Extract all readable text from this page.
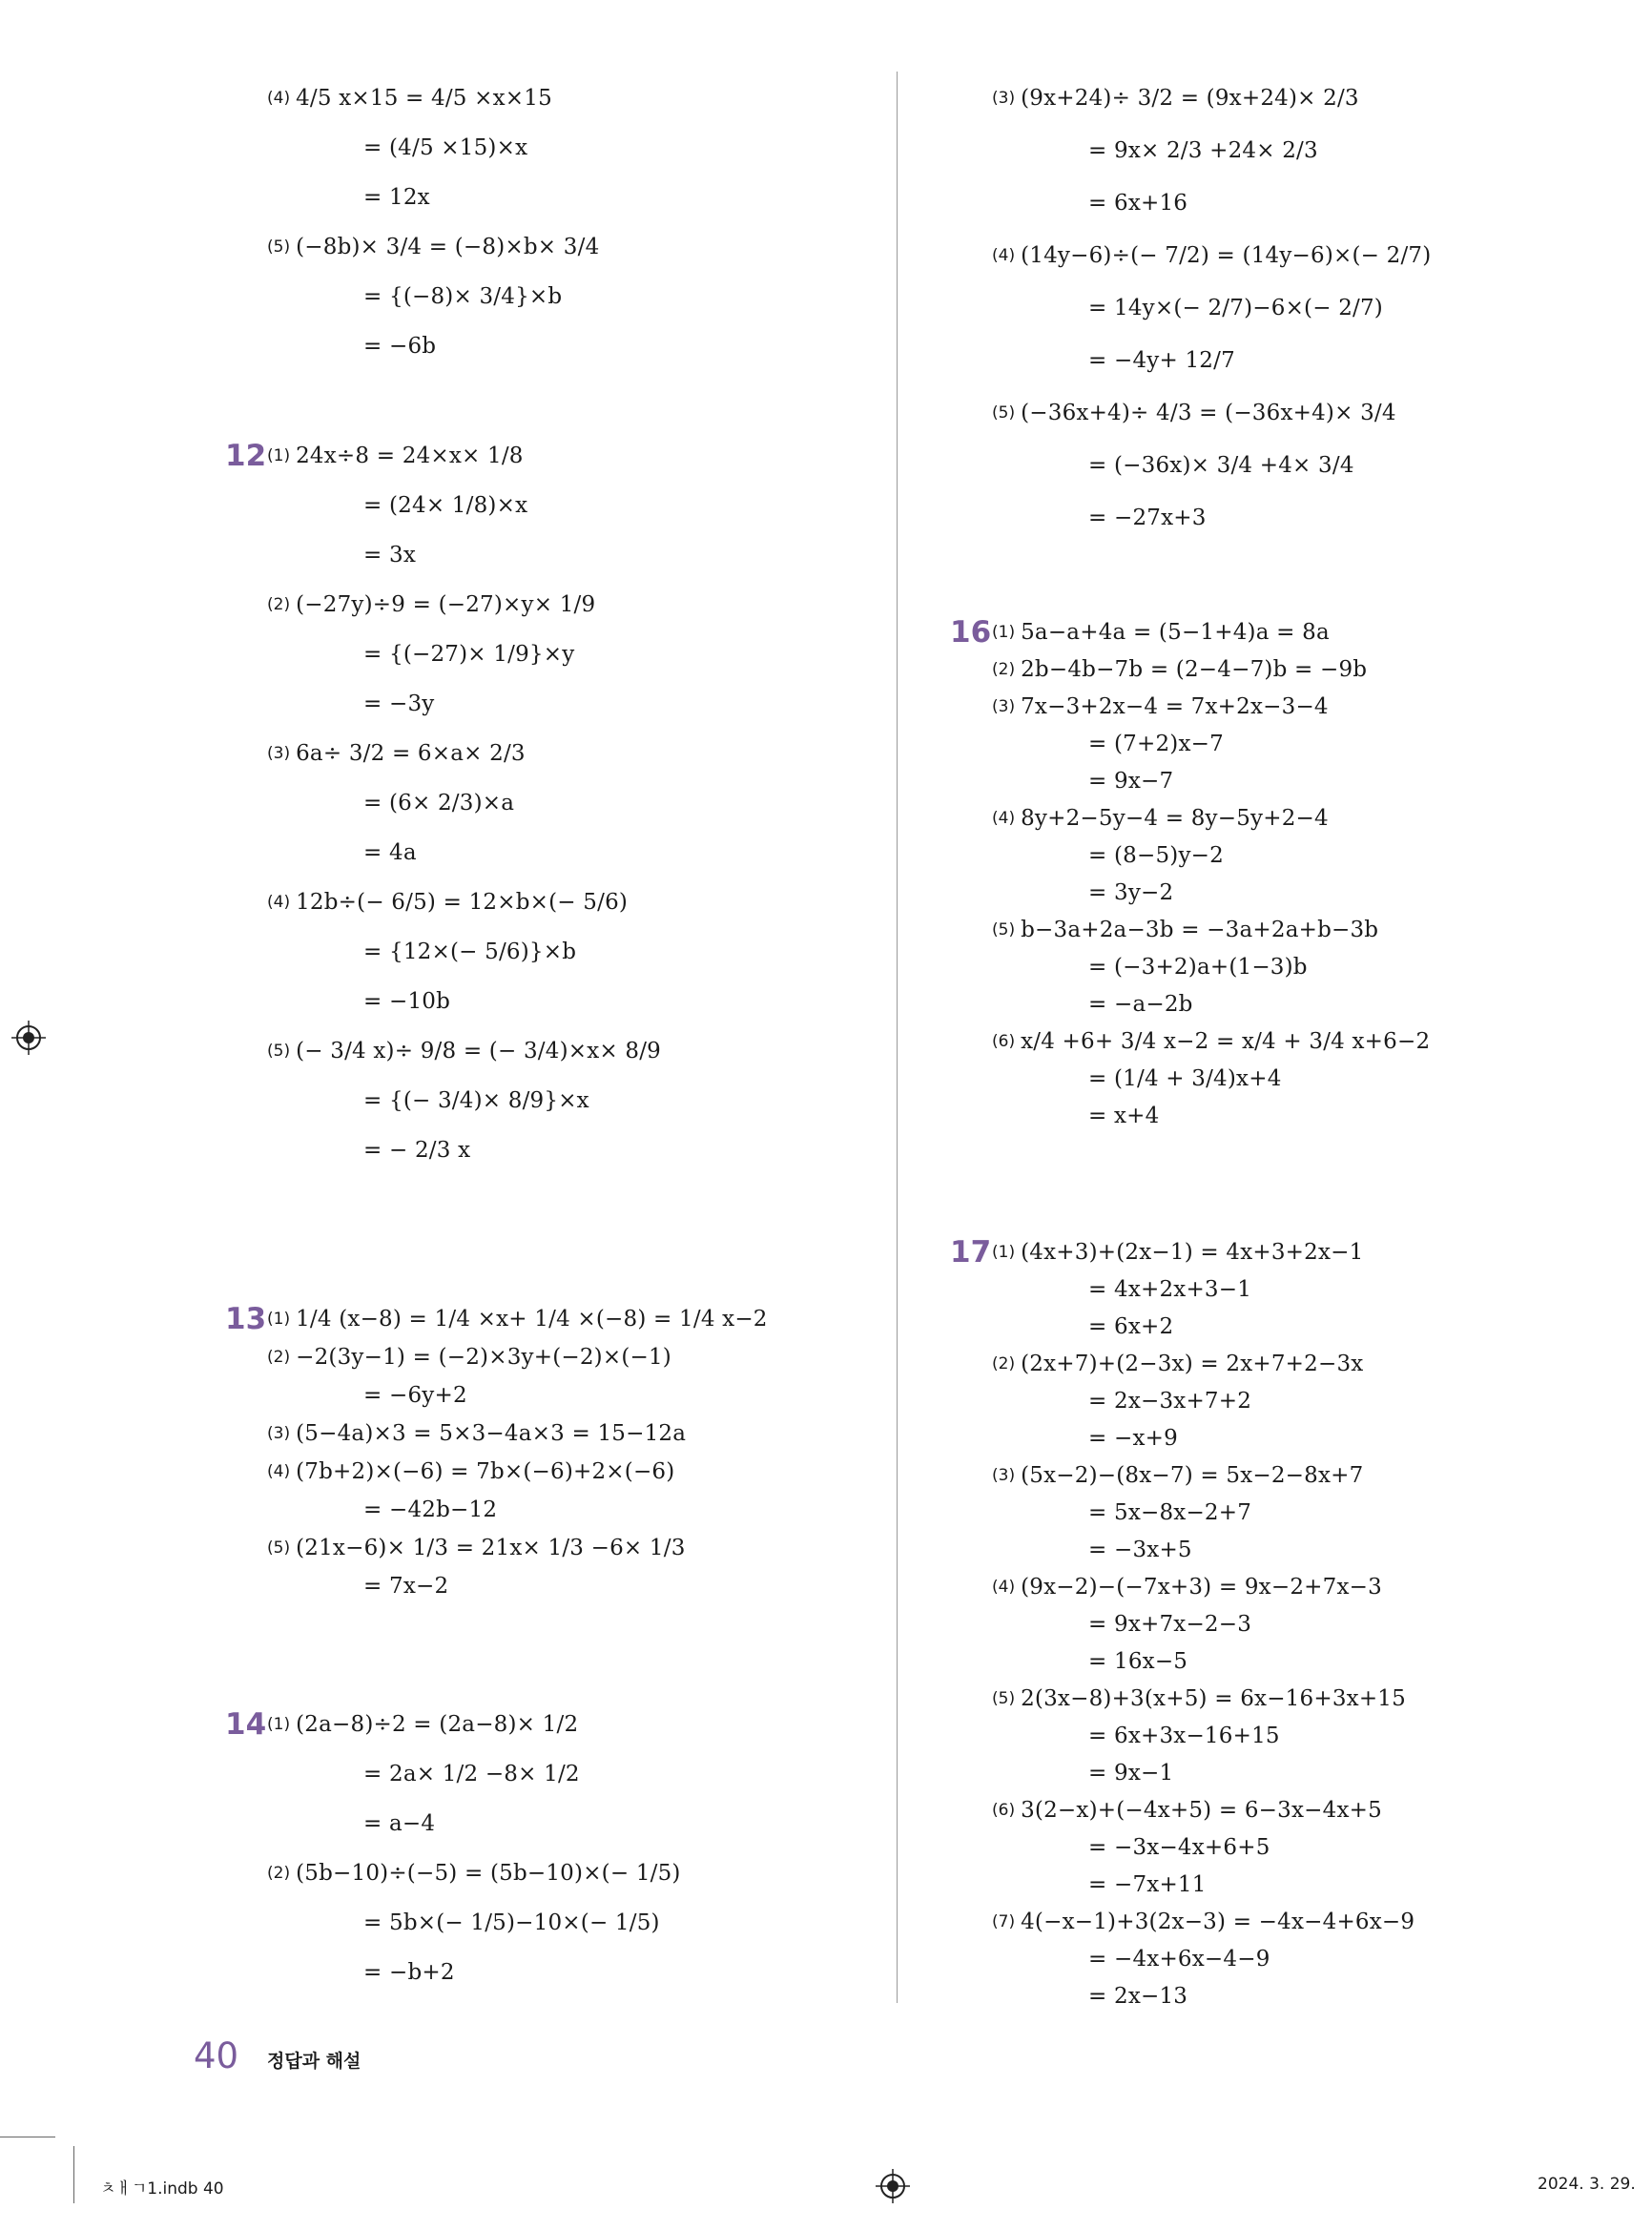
(4) 4/5 x×15 = 4/5 ×x×15
= (4/5 ×15)×x
= 12x
(5) (−8b)× 3/4 = (−8)×b× 3/4
= {(−8)× 3/4}×b
= −6b
12 (1) 24x÷8 = 24×x× 1/8
= (24× 1/8)×x
= 3x
(2) (−27y)÷9 = (−27)×y× 1/9
= {(−27)× 1/9}×y
= −3y
(3) 6a÷ 3/2 = 6×a× 2/3
= (6× 2/3)×a
= 4a
(4) 12b÷(− 6/5) = 12×b×(− 5/6)
= {12×(− 5/6)}×b
= −10b
(5) (− 3/4 x)÷ 9/8 = (− 3/4)×x× 8/9
= {(− 3/4)× 8/9}×x
= − 2/3 x
13 (1) 1/4 (x−8) = 1/4 ×x+ 1/4 ×(−8) = 1/4 x−2
(2) −2(3y−1) = (−2)×3y+(−2)×(−1)
= −6y+2
(3) (5−4a)×3 = 5×3−4a×3 = 15−12a
(4) (7b+2)×(−6) = 7b×(−6)+2×(−6)
= −42b−12
(5) (21x−6)× 1/3 = 21x× 1/3 −6× 1/3
= 7x−2
14 (1) (2a−8)÷2 = (2a−8)× 1/2
= 2a× 1/2 −8× 1/2
= a−4
(2) (5b−10)÷(−5) = (5b−10)×(− 1/5)
= 5b×(− 1/5)−10×(− 1/5)
= −b+2
(3) (9x+24)÷ 3/2 = (9x+24)× 2/3
= 9x× 2/3 +24× 2/3
= 6x+16
(4) (14y−6)÷(− 7/2) = (14y−6)×(− 2/7)
= 14y×(− 2/7)−6×(− 2/7)
= −4y+ 12/7
(5) (−36x+4)÷ 4/3 = (−36x+4)× 3/4
= (−36x)× 3/4 +4× 3/4
= −27x+3
16 (1) 5a−a+4a = (5−1+4)a = 8a
(2) 2b−4b−7b = (2−4−7)b = −9b
(3) 7x−3+2x−4 = 7x+2x−3−4
= (7+2)x−7
= 9x−7
(4) 8y+2−5y−4 = 8y−5y+2−4
= (8−5)y−2
= 3y−2
(5) b−3a+2a−3b = −3a+2a+b−3b
= (−3+2)a+(1−3)b
= −a−2b
(6) x/4 +6+ 3/4 x−2 = x/4 + 3/4 x+6−2
= (1/4 + 3/4)x+4
= x+4
17 (1) (4x+3)+(2x−1) = 4x+3+2x−1
= 4x+2x+3−1
= 6x+2
(2) (2x+7)+(2−3x) = 2x+7+2−3x
= 2x−3x+7+2
= −x+9
(3) (5x−2)−(8x−7) = 5x−2−8x+7
= 5x−8x−2+7
= −3x+5
(4) (9x−2)−(−7x+3) = 9x−2+7x−3
= 9x+7x−2−3
= 16x−5
(5) 2(3x−8)+3(x+5) = 6x−16+3x+15
= 6x+3x−16+15
= 9x−1
(6) 3(2−x)+(−4x+5) = 6−3x−4x+5
= −3x−4x+6+5
= −7x+11
(7) 4(−x−1)+3(2x−3) = −4x−4+6x−9
= −4x+6x−4−9
= 2x−13
40 정답과 해설
ㅊㅐㄱ1.indb 40	2024. 3. 29.
